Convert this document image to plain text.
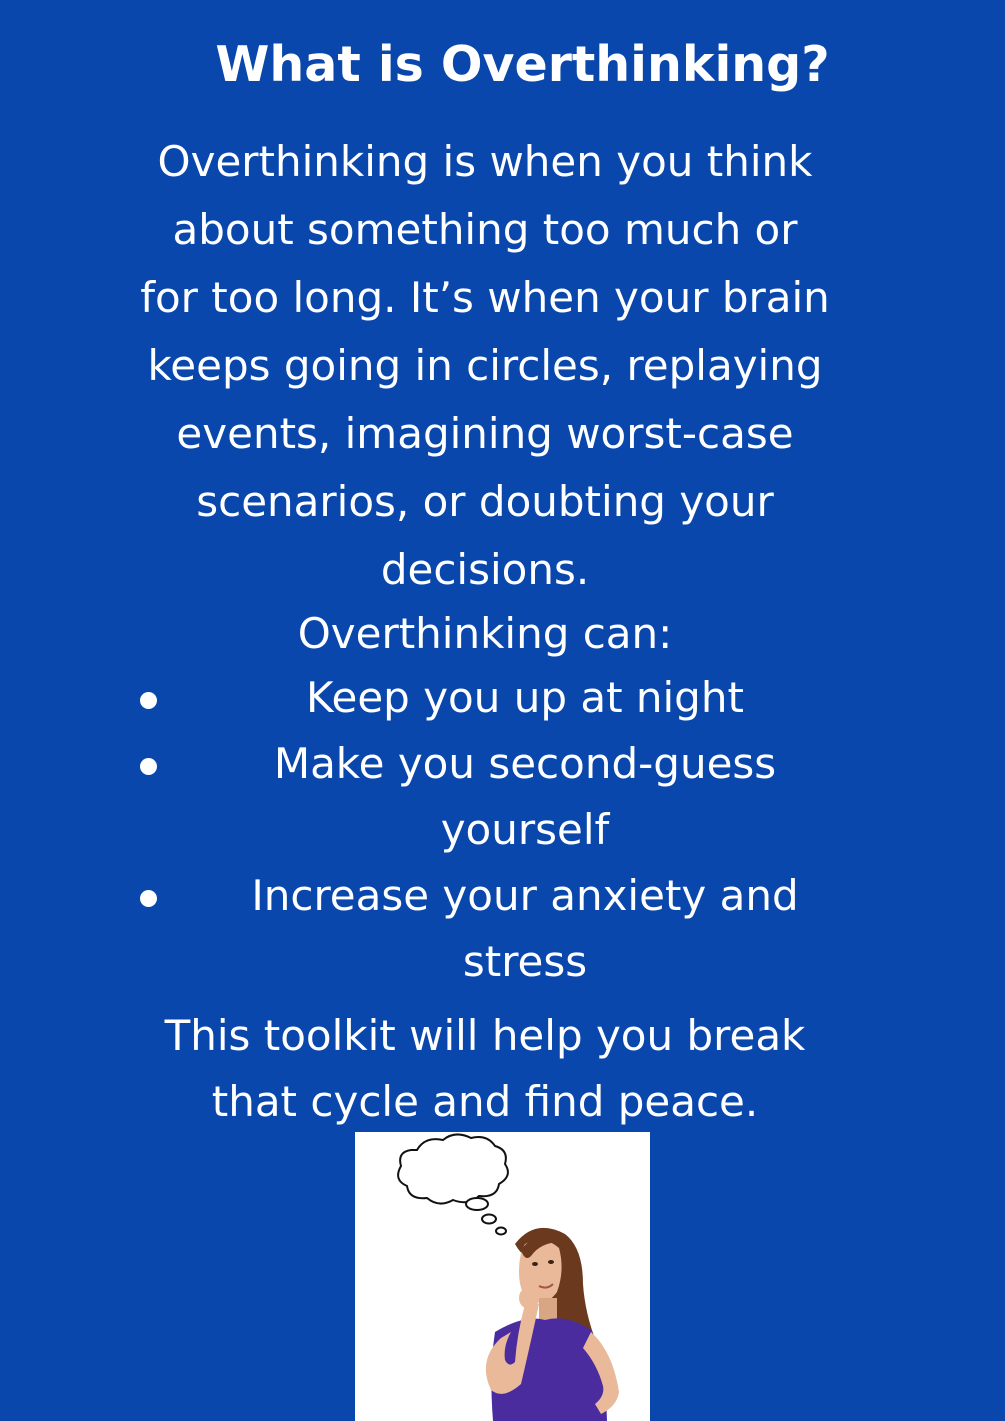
What is Overthinking?
Overthinking is when you think
about something too much or
for too long. It’s when your brain
keeps going in circles, replaying
events, imagining worst-case
scenarios, or doubting your
decisions.
Overthinking can:
Keep you up at night
Make you second-guess
yourself
Increase your anxiety and
stress
This toolkit will help you break
that cycle and find peace.
